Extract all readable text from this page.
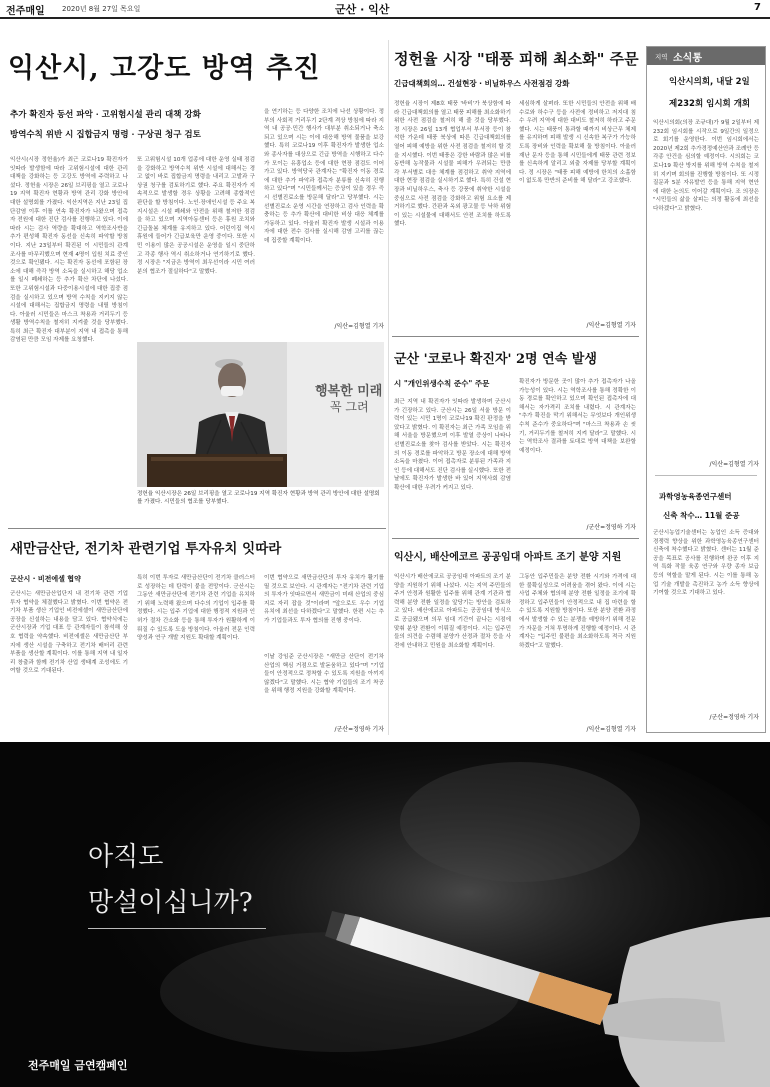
전주매일 2020년 8월 27일 목요일	군산 · 익산	7
익산시, 고강도 방역 추진
추가 확진자 동선 파악 · 고위험시설 관리 대책 강화
방역수칙 위반 시 집합금지 명령 · 구상권 청구 검토
익산시(시장 정헌율)가 최근 코로나19 확진자가 잇따라 발생함에 따라 고위험시설에 대한 관리 대책을 강화하는 등 고강도 방역에 주력하고 나섰다. 정헌율 시장은 26일 브리핑을 열고 코로나19 지역 확진자 현황과 방역 관리 강화 방안에 대한 설명회를 가졌다. 익산지역은 지난 23일 집단감염 이후 이틀 연속 확진자가 나왔으며 접촉자 전원에 대한 진단 검사를 진행하고 있다. 이에 따라 시는 검사 역량을 확대하고 역학조사반을 추가 편성해 확진자 동선을 신속히 파악할 방침이다. 지난 23일부터 확진된 이 시민들의 관계 조사를 마무리했으며 현재 4명이 입원 치료 중인 것으로 확인됐다. 시는 확진자 동선에 포함된 장소에 대해 즉각 방역 소독을 실시하고 해당 업소를 일시 폐쇄하는 등 추가 확산 차단에 나섰다. 또한 고위험시설과 다중이용시설에 대한 집중 점검을 실시하고 있으며 방역 수칙을 지키지 않는 시설에 대해서는 집합금지 명령을 내릴 방침이다. 아울러 시민들은 마스크 착용과 거리두기 등 생활 방역수칙을 철저히 지켜줄 것을 당부했다. 특히 최근 확진자 대부분이 지역 내 접촉을 통해 감염된 만큼 모임 자제를 요청했다.
또 고위험시설 10개 업종에 대한 운영 실태 점검을 강화하고 방역수칙 위반 시설에 대해서는 경고 없이 바로 집합금지 명령을 내리고 고발과 구상권 청구를 검토하기로 했다. 주요 확진자가 지속적으로 발생할 경우 상황을 고려해 종합적인 판단을 할 방침이다. 노인·장애인시설 등 주요 복지시설은 시설 폐쇄와 안전을 위해 철저한 점검을 하고 있으며 지역아동센터 등은 휴원 조치와 긴급돌봄 체계를 유지하고 있다. 어린이집 역시 휴원에 들어가 긴급보육만 운영 중이다. 또한 시민 이용이 많은 공공시설은 운영을 일시 중단하고 각종 행사 역시 취소하거나 연기하기로 했다. 정 시장은 "지금은 방역이 최우선이라 시민 여러분의 협조가 절실하다"고 말했다.
을 연기하는 등 다양한 조치에 나선 상황이다. 정부의 사회적 거리두기 2단계 격상 방침에 따라 지역 내 공공·민간 행사가 대부분 취소되거나 축소되고 있으며 시는 이에 대응해 방역 물품을 보강했다. 특히 코로나19 이후 확진자가 발생한 업소와 종사자를 대상으로 긴급 방역을 시행하고 다수가 모이는 유흥업소 등에 대한 현장 점검도 이어가고 있다. 방역당국 관계자는 "확진자 이동 경로에 대한 추가 파악과 접촉자 분류를 신속히 진행하고 있다"며 "시민들께서는 증상이 있을 경우 즉시 선별진료소를 방문해 달라"고 당부했다. 시는 선별진료소 운영 시간을 연장하고 검사 인력을 확충하는 등 추가 확산에 대비한 비상 대응 체계를 가동하고 있다. 아울러 확진자 발생 시설과 이용자에 대한 전수 검사를 실시해 감염 고리를 끊는 데 집중할 계획이다.
/익산=김형열 기자
행복한 미래
꼭 그려
정헌율 익산시장은 26일 브리핑을 열고 코로나19 지역 확진자 현황과 방역 관리 방안에 대한 설명회를 가졌다. 시민들의 협조를 당부했다.
정헌율 시장 "태풍 피해 최소화" 주문
긴급대책회의… 건설현장 · 비닐하우스 사전점검 강화
정헌율 시장이 제8호 태풍 '바비'가 북상함에 따라 긴급대책회의를 열고 태풍 피해를 최소화하기 위한 사전 점검을 철저히 해 줄 것을 당부했다. 정 시장은 26일 13개 협업부서 부서장 등이 참석한 가운데 태풍 북상에 따른 긴급대책회의를 열어 피해 예방을 위한 사전 점검을 철저히 할 것을 지시했다. 이번 태풍은 강한 바람과 많은 비를 동반해 농작물과 시설물 피해가 우려되는 만큼 각 부서별로 대응 체계를 점검하고 취약 지역에 대한 현장 점검을 실시하기로 했다. 특히 건설 현장과 비닐하우스, 축사 등 강풍에 취약한 시설을 중심으로 사전 점검을 강화하고 위험 요소를 제거하기로 했다. 간판과 옥외 광고물 등 낙하 위험이 있는 시설물에 대해서도 안전 조치를 하도록 했다.
세심하게 살펴라. 또한 시민들의 안전을 위해 배수로와 하수구 등을 사전에 정비하고 저지대 침수 우려 지역에 대한 대비도 철저히 하라고 주문했다. 시는 태풍이 통과할 때까지 비상근무 체제를 유지하며 피해 발생 시 신속한 복구가 가능하도록 장비와 인력을 확보해 둘 방침이다. 아울러 재난 문자 등을 통해 시민들에게 태풍 관련 정보를 신속하게 알리고 외출 자제를 당부할 계획이다. 정 시장은 "태풍 피해 예방에 한치의 소홀함이 없도록 만반의 준비를 해 달라"고 강조했다.
/익산=김형열 기자
군산 '코로나 확진자' 2명 연속 발생
시 "개인위생수칙 준수" 주문
최근 지역 내 확진자가 잇따라 발생하며 군산시가 긴장하고 있다. 군산시는 26일 서울 방문 이력이 있는 시민 1명이 코로나19 확진 판정을 받았다고 밝혔다. 이 확진자는 최근 가족 모임을 위해 서울을 방문했으며 이후 발열 증상이 나타나 선별진료소를 찾아 검사를 받았다. 시는 확진자의 이동 경로를 파악하고 방문 장소에 대해 방역 소독을 마쳤다. 이어 접촉자로 분류된 가족과 지인 등에 대해서도 진단 검사를 실시했다. 또한 전날에도 확진자가 발생한 바 있어 지역사회 감염 확산에 대한 우려가 커지고 있다.
확진자가 방문한 곳이 많아 추가 접촉자가 나올 가능성이 있다. 시는 역학조사를 통해 정확한 이동 경로를 확인하고 있으며 확인된 접촉자에 대해서는 자가격리 조치를 내렸다. 시 관계자는 "추가 확진을 막기 위해서는 무엇보다 개인위생수칙 준수가 중요하다"며 "마스크 착용과 손 씻기, 거리두기를 철저히 지켜 달라"고 말했다. 시는 역학조사 결과를 토대로 방역 대책을 보완할 예정이다.
/군산=정영하 기자
익산시, 배산에코르 공공임대 아파트 조기 분양 지원
익산시가 배산에코르 공공임대 아파트의 조기 분양을 지원하기 위해 나섰다. 시는 지역 주민들의 주거 안정과 원활한 입주를 위해 관계 기관과 협력해 분양 전환 일정을 앞당기는 방안을 검토하고 있다. 배산에코르 아파트는 공공임대 방식으로 공급됐으며 의무 임대 기간이 끝나는 시점에 맞춰 분양 전환이 이뤄질 예정이다. 시는 입주민들의 의견을 수렴해 분양가 산정과 절차 등을 사전에 안내하고 민원을 최소화할 계획이다.
그동안 입주민들은 분양 전환 시기와 가격에 대한 불확실성으로 어려움을 겪어 왔다. 이에 시는 사업 주체와 협의해 분양 전환 일정을 조기에 확정하고 입주민들이 안정적으로 내 집 마련을 할 수 있도록 지원할 방침이다. 또한 분양 전환 과정에서 발생할 수 있는 분쟁을 예방하기 위해 전문가 자문을 거쳐 투명하게 진행할 예정이다. 시 관계자는 "입주민 불편을 최소화하도록 적극 지원하겠다"고 말했다.
/익산=김형열 기자
새만금산단, 전기차 관련기업 투자유치 잇따라
군산시 · 비전에셀 협약
군산시는 새만금산업단지 내 전기차 관련 기업 투자 협약을 체결했다고 밝혔다. 이번 협약은 전기차 부품 생산 기업인 비전에셀이 새만금산단에 공장을 신설하는 내용을 담고 있다. 협약식에는 군산시장과 기업 대표 등 관계자들이 참석해 상호 협력을 약속했다. 비전에셀은 새만금산단 부지에 생산 시설을 구축하고 전기차 배터리 관련 부품을 생산할 계획이다. 이를 통해 지역 내 일자리 창출과 함께 전기차 산업 생태계 조성에도 기여할 것으로 기대된다.
특히 이번 투자로 새만금산단이 전기차 클러스터로 성장하는 데 탄력이 붙을 전망이다. 군산시는 그동안 새만금산단에 전기차 관련 기업을 유치하기 위해 노력해 왔으며 다수의 기업이 입주를 확정했다. 시는 입주 기업에 대한 행정적 지원과 인허가 절차 간소화 등을 통해 투자가 원활하게 이뤄질 수 있도록 도울 방침이다. 아울러 전문 인력 양성과 연구 개발 지원도 확대할 계획이다.
이번 협약으로 새만금산단의 투자 유치가 활기를 띨 것으로 보인다. 시 관계자는 "전기차 관련 기업의 투자가 잇따르면서 새만금이 미래 산업의 중심지로 자리 잡을 것"이라며 "앞으로도 우수 기업 유치에 최선을 다하겠다"고 말했다. 한편 시는 추가 기업들과도 투자 협의를 진행 중이다.
이날 강임준 군산시장은 "새만금 산단이 전기차 산업의 핵심 거점으로 발돋움하고 있다"며 "기업들이 안정적으로 정착할 수 있도록 지원을 아끼지 않겠다"고 말했다. 시는 협약 기업들의 조기 착공을 위해 행정 지원을 강화할 계획이다.
/군산=정영하 기자
지역 소식통
익산시의회, 내달 2일
제232회 임시회 개회
익산시의회(의장 조규대)가 9월 2일부터 제232회 임시회를 시작으로 9일간의 일정으로 회기를 운영한다. 이번 임시회에서는 2020년 제2회 추가경정예산안과 조례안 등 각종 안건을 심의할 예정이다. 시의회는 코로나19 확산 방지를 위해 방역 수칙을 철저히 지키며 회의를 진행할 방침이다. 또 시정 질문과 5분 자유발언 등을 통해 지역 현안에 대한 논의도 이어갈 계획이다. 조 의장은 "시민들의 삶을 살피는 의정 활동에 최선을 다하겠다"고 밝혔다.
/익산=김형열 기자
과학영농육종연구센터
신축 착수… 11월 준공
군산시농업기술센터는 농업인 소득 증대와 경쟁력 향상을 위한 과학영농육종연구센터 신축에 착수했다고 밝혔다. 센터는 11월 준공을 목표로 공사를 진행하며 완공 이후 지역 특화 작물 육종 연구와 우량 종자 보급 등의 역할을 맡게 된다. 시는 이를 통해 농업 기술 개발을 촉진하고 농가 소득 향상에 기여할 것으로 기대하고 있다.
/군산=정영하 기자
아직도
망설이십니까?
전주매일 금연캠페인
